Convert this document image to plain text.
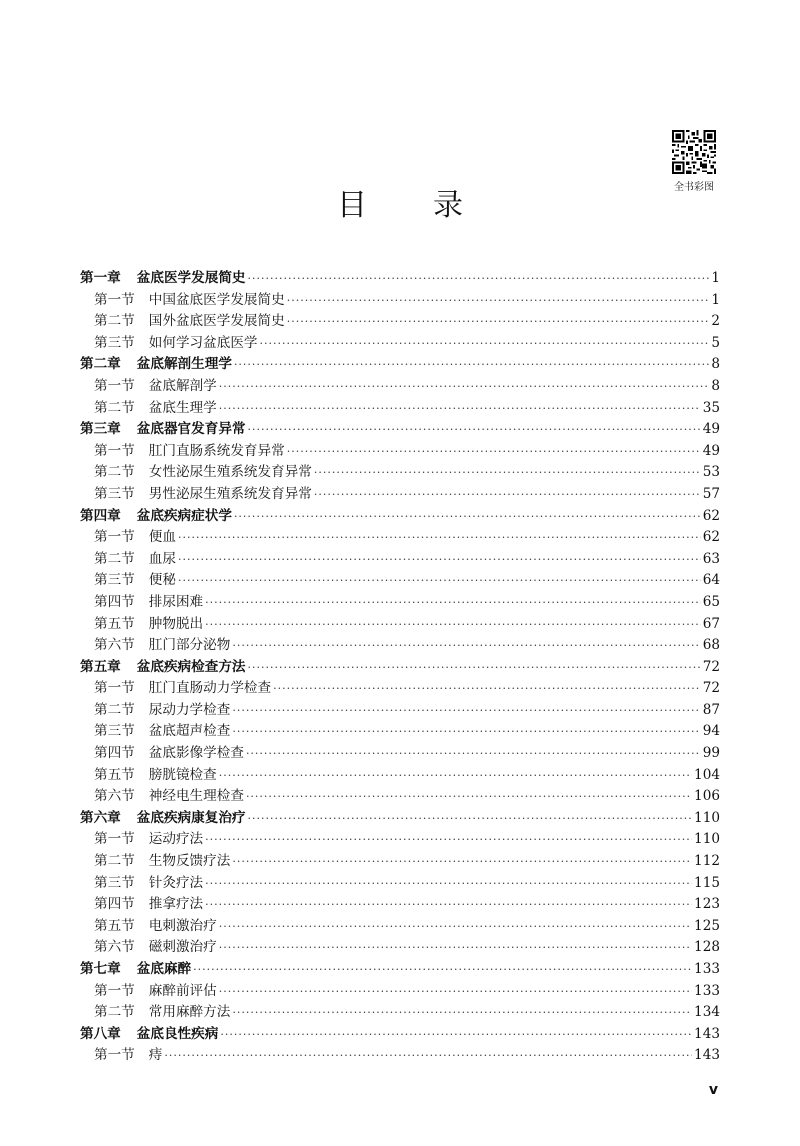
全书彩图
目录
第一章 盆底医学发展简史 ·····	1
第一节 中国盆底医学发展简史 ·····	1
第二节 国外盆底医学发展简史 ·····	2
第三节 如何学习盆底医学 ·····	5
第二章 盆底解剖生理学 ·····	8
第一节 盆底解剖学 ·····	8
第二节 盆底生理学 ·····	35
第三章 盆底器官发育异常 ·····	49
第一节 肛门直肠系统发育异常 ·····	49
第二节 女性泌尿生殖系统发育异常 ·····	53
第三节 男性泌尿生殖系统发育异常 ·····	57
第四章 盆底疾病症状学 ·····	62
第一节 便血 ·····	62
第二节 血尿 ·····	63
第三节 便秘 ·····	64
第四节 排尿困难 ·····	65
第五节 肿物脱出 ·····	67
第六节 肛门部分泌物 ·····	68
第五章 盆底疾病检查方法 ·····	72
第一节 肛门直肠动力学检查 ·····	72
第二节 尿动力学检查 ·····	87
第三节 盆底超声检查 ·····	94
第四节 盆底影像学检查 ·····	99
第五节 膀胱镜检查 ·····	104
第六节 神经电生理检查 ·····	106
第六章 盆底疾病康复治疗 ·····	110
第一节 运动疗法 ·····	110
第二节 生物反馈疗法 ·····	112
第三节 针灸疗法 ·····	115
第四节 推拿疗法 ·····	123
第五节 电刺激治疗 ·····	125
第六节 磁刺激治疗 ·····	128
第七章 盆底麻醉 ·····	133
第一节 麻醉前评估 ·····	133
第二节 常用麻醉方法 ·····	134
第八章 盆底良性疾病 ·····	143
第一节 痔 ·····	143
v
